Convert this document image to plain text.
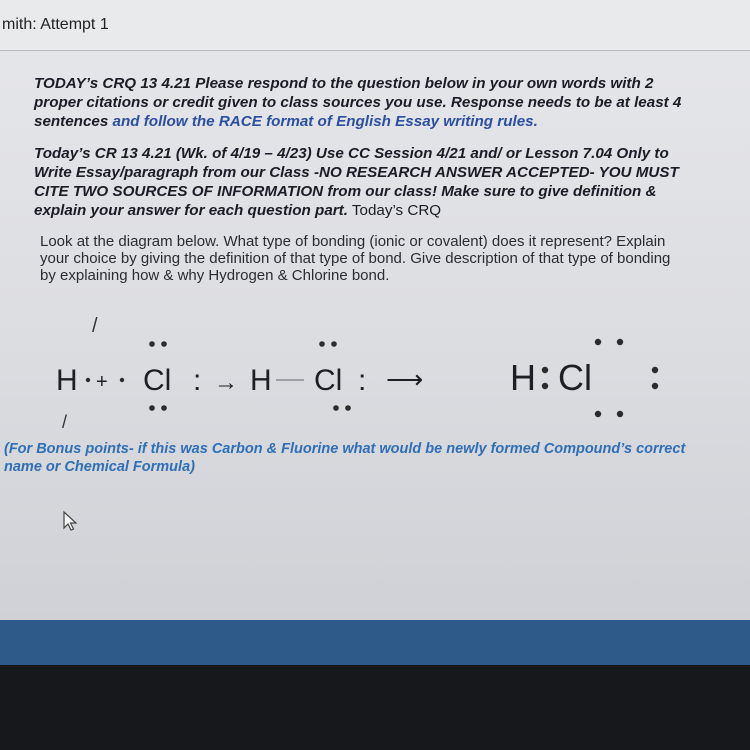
mith: Attempt 1
TODAY’s CRQ 13 4.21 Please respond to the question below in your own words with 2 proper citations or credit given to class sources you use. Response needs to be at least 4 sentences and follow the RACE format of English Essay writing rules.
Today’s CR 13 4.21 (Wk. of 4/19 – 4/23) Use CC Session 4/21 and/ or Lesson 7.04 Only to Write Essay/paragraph from our Class -NO RESEARCH ANSWER ACCEPTED- YOU MUST CITE TWO SOURCES OF INFORMATION from our class! Make sure to give definition & explain your answer for each question part. Today’s CRQ
Look at the diagram below. What type of bonding (ionic or covalent) does it represent? Explain your choice by giving the definition of that type of bond. Give description of that type of bonding by explaining how & why Hydrogen & Chlorine bond.
/
/
H + Cl : → H Cl : ⟶ H Cl
(For Bonus points- if this was Carbon & Fluorine what would be newly formed Compound’s correct name or Chemical Formula)
